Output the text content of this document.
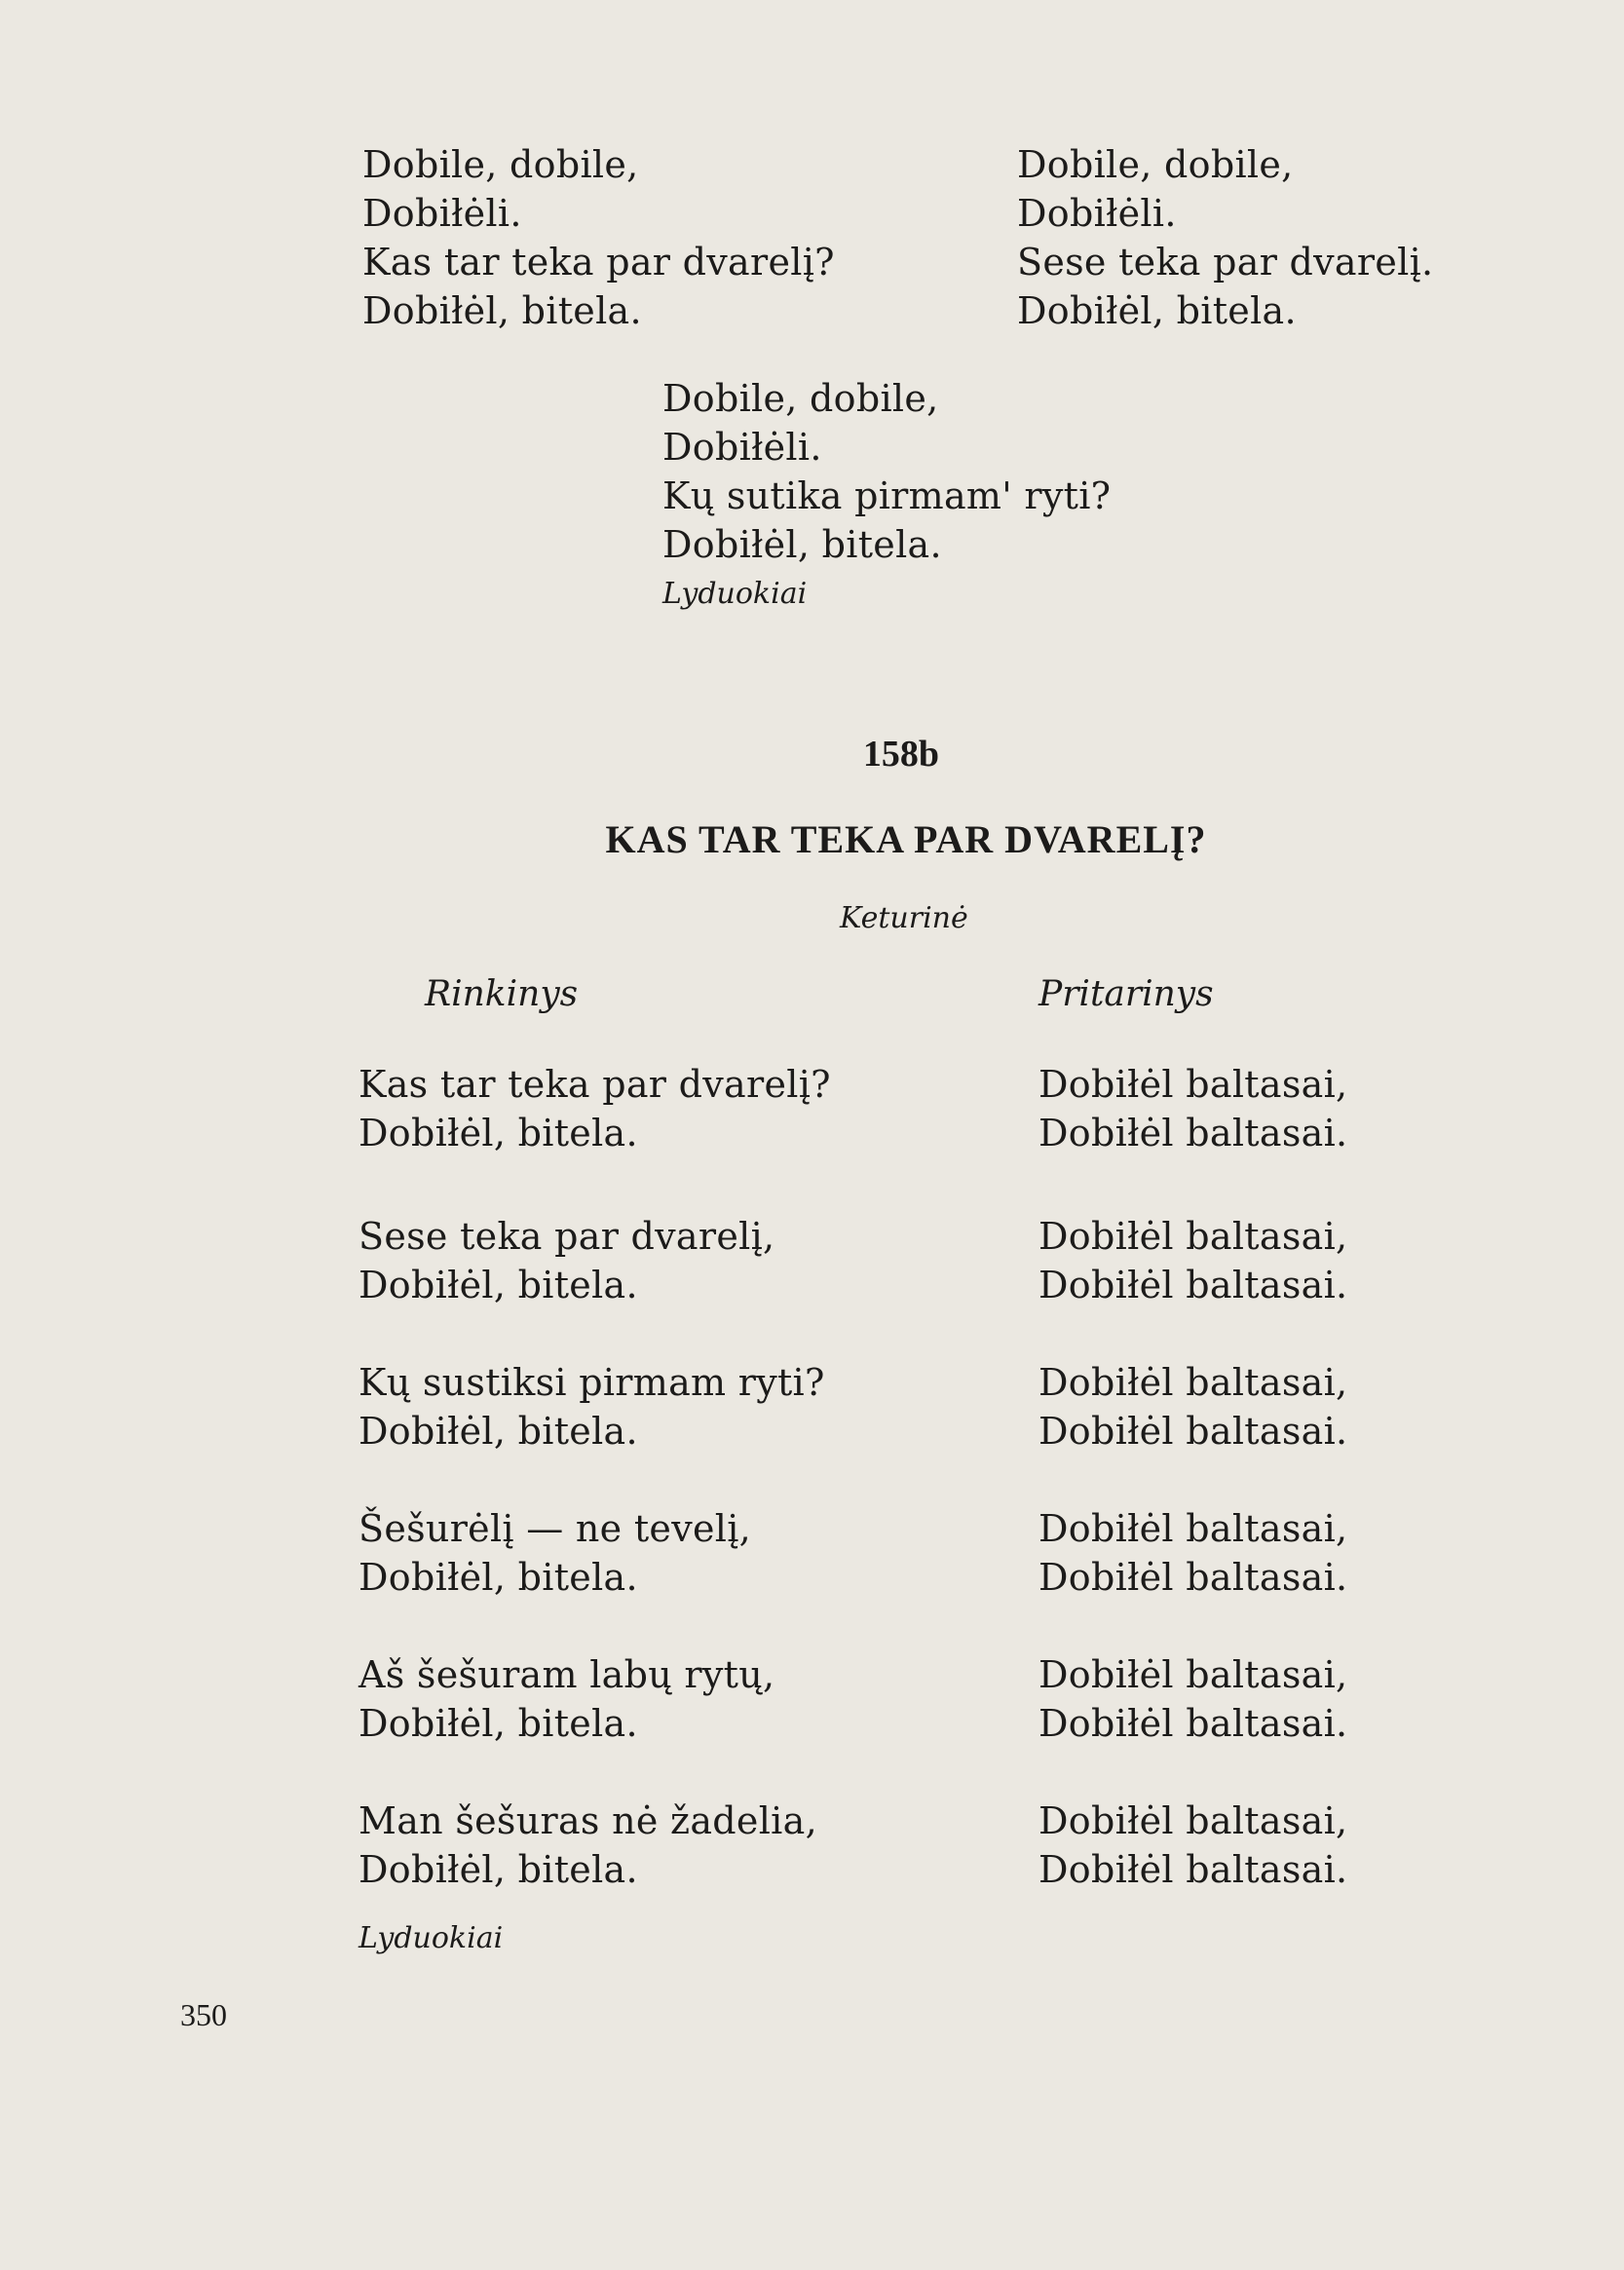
Dobile, dobile,
Dobiłėli.
Kas tar teka par dvarelį?
Dobiłėl, bitela.
Dobile, dobile,
Dobiłėli.
Sese teka par dvarelį.
Dobiłėl, bitela.
Dobile, dobile,
Dobiłėli.
Kų sutika pirmam' ryti?
Dobiłėl, bitela.
Lyduokiai
158b
KAS TAR TEKA PAR DVARELĮ?
Keturinė
Rinkinys	Pritarinys
Kas tar teka par dvarelį?
Dobiłėl, bitela.
Dobiłėl baltasai,
Dobiłėl baltasai.
Sese teka par dvarelį,
Dobiłėl, bitela.
Dobiłėl baltasai,
Dobiłėl baltasai.
Kų sustiksi pirmam ryti?
Dobiłėl, bitela.
Dobiłėl baltasai,
Dobiłėl baltasai.
Šešurėlį — ne tevelį,
Dobiłėl, bitela.
Dobiłėl baltasai,
Dobiłėl baltasai.
Aš šešuram labų rytų,
Dobiłėl, bitela.
Dobiłėl baltasai,
Dobiłėl baltasai.
Man šešuras nė žadelia,
Dobiłėl, bitela.
Dobiłėl baltasai,
Dobiłėl baltasai.
Lyduokiai
350
